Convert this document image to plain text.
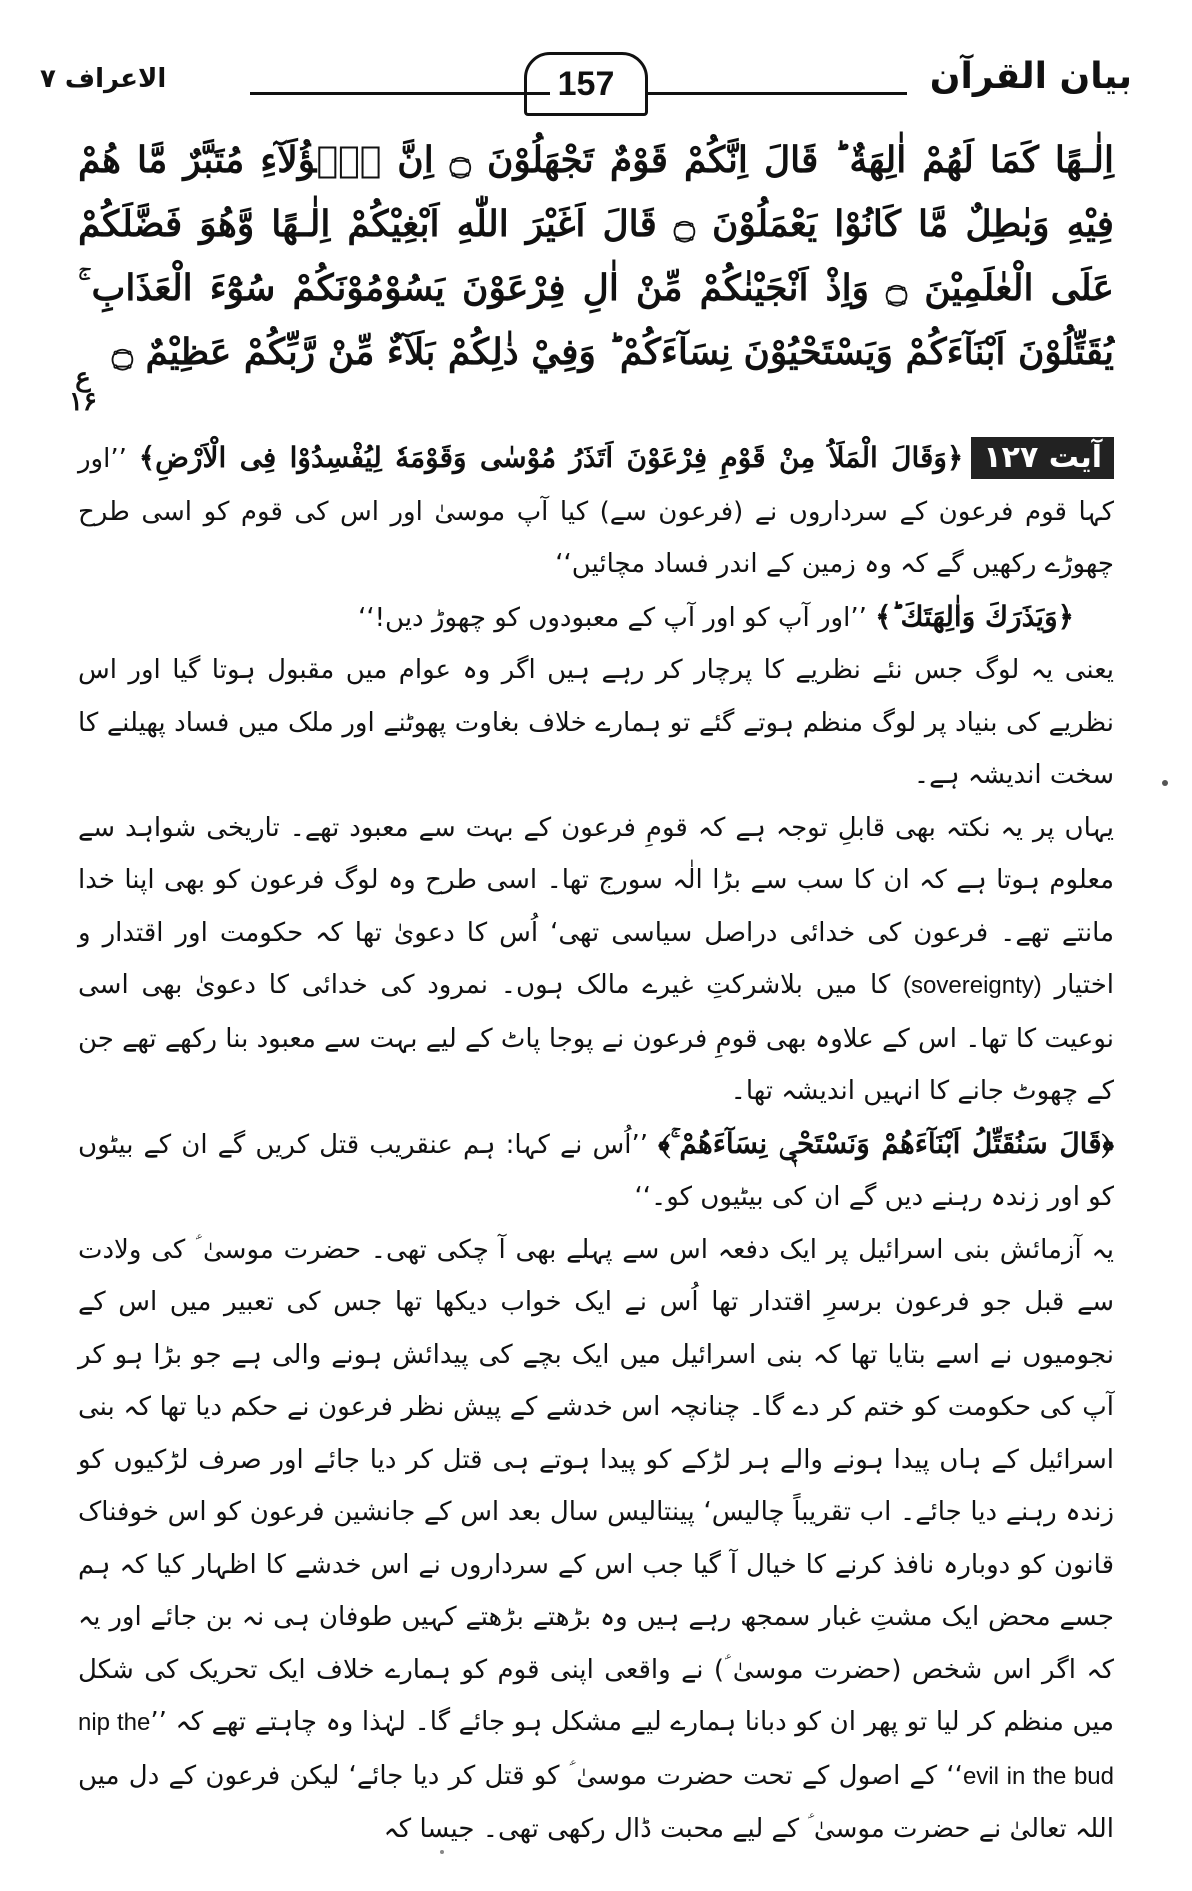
بیان القرآن
157
الاعراف ۷
اِلٰـهًا كَمَا لَهُمْ اٰلِهَةٌ ؕ قَالَ اِنَّكُمْ قَوْمٌ تَجْهَلُوْنَ ۝ اِنَّ هٰۤؤُلَآءِ مُتَبَّرٌ مَّا هُمْ فِيْهِ وَبٰطِلٌ مَّا كَانُوْا يَعْمَلُوْنَ ۝ قَالَ اَغَيْرَ اللّٰهِ اَبْغِيْكُمْ اِلٰـهًا وَّهُوَ فَضَّلَكُمْ عَلَى الْعٰلَمِيْنَ ۝ وَاِذْ اَنْجَيْنٰكُمْ مِّنْ اٰلِ فِرْعَوْنَ يَسُوْمُوْنَكُمْ سُوْٓءَ الْعَذَابِ ۚ يُقَتِّلُوْنَ اَبْنَآءَكُمْ وَيَسْتَحْيُوْنَ نِسَآءَكُمْ ؕ وَفِيْ ذٰلِكُمْ بَلَآءٌ مِّنْ رَّبِّكُمْ عَظِيْمٌ ۝
ع ۱۶

آیت ۱۲۷﴿وَقَالَ الْمَلَاُ مِنْ قَوْمِ فِرْعَوْنَ اَتَذَرُ مُوْسٰى وَقَوْمَهٗ لِيُفْسِدُوْا فِى الْاَرْضِ﴾ ’’اور کہا قوم فرعون کے سرداروں نے (فرعون سے) کیا آپ موسیٰ اور اس کی قوم کو اسی طرح چھوڑے رکھیں گے کہ وہ زمین کے اندر فساد مچائیں‘‘

﴿وَيَذَرَكَ وَاٰلِهَتَكَ ؕ﴾ ’’اور آپ کو اور آپ کے معبودوں کو چھوڑ دیں!‘‘

یعنی یہ لوگ جس نئے نظریے کا پرچار کر رہے ہیں اگر وہ عوام میں مقبول ہوتا گیا اور اس نظریے کی بنیاد پر لوگ منظم ہوتے گئے تو ہمارے خلاف بغاوت پھوٹنے اور ملک میں فساد پھیلنے کا سخت اندیشہ ہے۔

یہاں پر یہ نکتہ بھی قابلِ توجہ ہے کہ قومِ فرعون کے بہت سے معبود تھے۔ تاریخی شواہد سے معلوم ہوتا ہے کہ ان کا سب سے بڑا الٰہ سورج تھا۔ اسی طرح وہ لوگ فرعون کو بھی اپنا خدا مانتے تھے۔ فرعون کی خدائی دراصل سیاسی تھی‘ اُس کا دعویٰ تھا کہ حکومت اور اقتدار و اختیار (sovereignty) کا میں بلاشرکتِ غیرے مالک ہوں۔ نمرود کی خدائی کا دعویٰ بھی اسی نوعیت کا تھا۔ اس کے علاوہ بھی قومِ فرعون نے پوجا پاٹ کے لیے بہت سے معبود بنا رکھے تھے جن کے چھوٹ جانے کا انہیں اندیشہ تھا۔

﴿قَالَ سَنُقَتِّلُ اَبْنَآءَهُمْ وَنَسْتَحْيٖ نِسَآءَهُمْ ۚ﴾ ’’اُس نے کہا: ہم عنقریب قتل کریں گے ان کے بیٹوں کو اور زندہ رہنے دیں گے ان کی بیٹیوں کو۔‘‘

یہ آزمائش بنی اسرائیل پر ایک دفعہ اس سے پہلے بھی آ چکی تھی۔ حضرت موسیٰ ؑ کی ولادت سے قبل جو فرعون برسرِ اقتدار تھا اُس نے ایک خواب دیکھا تھا جس کی تعبیر میں اس کے نجومیوں نے اسے بتایا تھا کہ بنی اسرائیل میں ایک بچے کی پیدائش ہونے والی ہے جو بڑا ہو کر آپ کی حکومت کو ختم کر دے گا۔ چنانچہ اس خدشے کے پیش نظر فرعون نے حکم دیا تھا کہ بنی اسرائیل کے ہاں پیدا ہونے والے ہر لڑکے کو پیدا ہوتے ہی قتل کر دیا جائے اور صرف لڑکیوں کو زندہ رہنے دیا جائے۔ اب تقریباً چالیس‘ پینتالیس سال بعد اس کے جانشین فرعون کو اس خوفناک قانون کو دوبارہ نافذ کرنے کا خیال آ گیا جب اس کے سرداروں نے اس خدشے کا اظہار کیا کہ ہم جسے محض ایک مشتِ غبار سمجھ رہے ہیں وہ بڑھتے بڑھتے کہیں طوفان ہی نہ بن جائے اور یہ کہ اگر اس شخص (حضرت موسیٰ ؑ) نے واقعی اپنی قوم کو ہمارے خلاف ایک تحریک کی شکل میں منظم کر لیا تو پھر ان کو دبانا ہمارے لیے مشکل ہو جائے گا۔ لہٰذا وہ چاہتے تھے کہ ’’nip the evil in the bud‘‘ کے اصول کے تحت حضرت موسیٰ ؑ کو قتل کر دیا جائے‘ لیکن فرعون کے دل میں اللہ تعالیٰ نے حضرت موسیٰ ؑ کے لیے محبت ڈال رکھی تھی۔ جیسا کہ
